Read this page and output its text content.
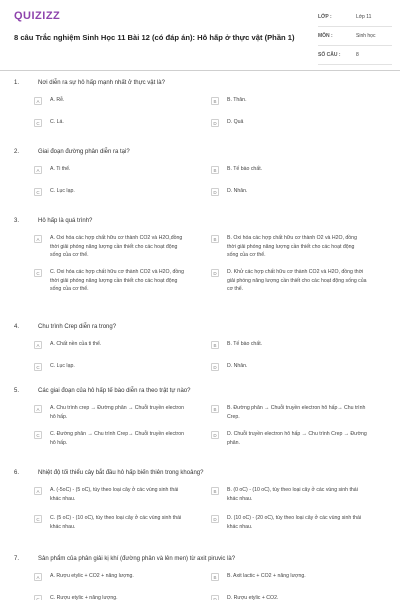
QUIZIZZ
8 câu Trắc nghiệm Sinh Học 11 Bài 12 (có đáp án): Hô hấp ở thực vật (Phần 1)
LỚP :	Lớp 11
MÔN :	Sinh học
SỐ CÂU :	8
1.	Nơi diễn ra sự hô hấp mạnh nhất ở thực vật là?
A	A. Rễ.	B	B. Thân.
C	C. Lá.	D	D. Quả
2.	Giai đoạn đường phân diễn ra tại?
A	A. Ti thể.	B	B. Tế bào chất.
C	C. Lục lạp.	D	D. Nhân.
3.	Hô hấp là quá trình?
A	A. Oxi hóa các hợp chất hữu cơ thành CO2 và H2O,đồng thời giải phóng năng lượng cần thiết cho các hoạt động sống của cơ thể.
B	B. Oxi hóa các hợp chất hữu cơ thành O2 và H2O, đồng thời giải phóng năng lượng cần thiết cho các hoạt động sống của cơ thể.
C	C. Oxi hóa các hợp chất hữu cơ thành CO2 và H2O, đồng thời giải phóng năng lượng cần thiết cho các hoạt động sống của cơ thể.
D	D. Khử các hợp chất hữu cơ thành CO2 và H2O, đồng thời giải phóng năng lượng cần thiết cho các hoạt động sống của cơ thể.
4.	Chu trình Crep diễn ra trong?
A	A. Chất nền của ti thể.	B	B. Tế bào chất.
C	C. Lục lạp.	D	D. Nhân.
5.	Các giai đoạn của hô hấp tế bào diễn ra theo trật tự nào?
A	A. Chu trình crep → Đường phân → Chuỗi truyền electron hô hấp.
B	B. Đường phân → Chuỗi truyền electron hô hấp→ Chu trình Crep.
C	C. Đường phân → Chu trình Crep→ Chuỗi truyền electron hô hấp.
D	D. Chuỗi truyền electron hô hấp → Chu trình Crep → Đường phân.
6.	Nhiệt độ tối thiểu cây bắt đầu hô hấp biến thiên trong khoảng?
A	A. (-5oC) - (5 oC), tùy theo loại cây ở các vùng sinh thái khác nhau.
B	B. (0 oC) - (10 oC), tùy theo loại cây ở các vùng sinh thái khác nhau.
C	C. (5 oC) - (10 oC), tùy theo loại cây ở các vùng sinh thái khác nhau.
D	D. (10 oC) - (20 oC), tùy theo loại cây ở các vùng sinh thái khác nhau.
7.	Sản phẩm của phân giải kị khí (đường phân và lên men) từ axit piruvic là?
A	A. Rượu etylic + CO2 + năng lượng.	B	B. Axit lactic + CO2 + năng lượng.
C	C. Rượu etylic + năng lượng.	D	D. Rượu etylic + CO2.
